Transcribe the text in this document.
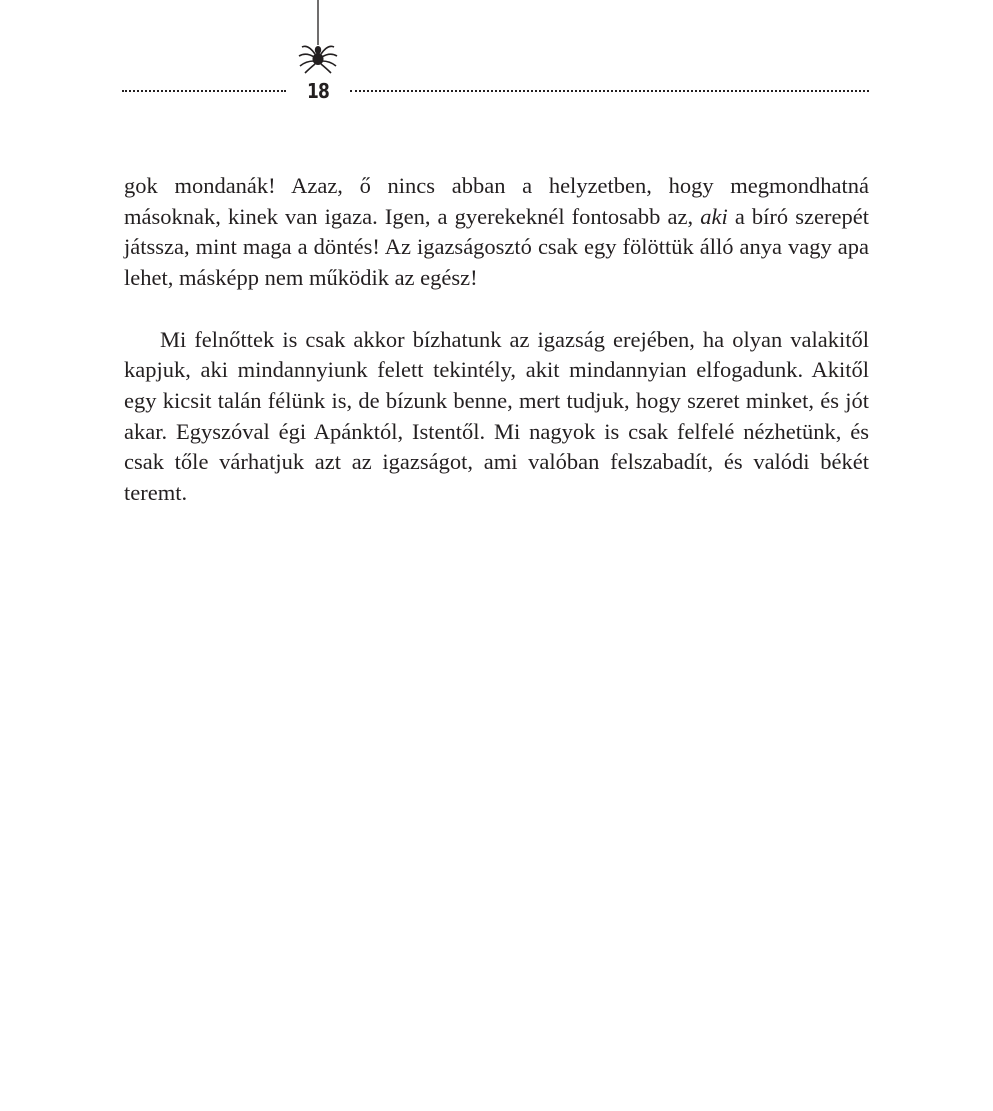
18

gok mondanák! Azaz, ő nincs abban a helyzetben, hogy megmondhatná másoknak, kinek van igaza. Igen, a gyerekeknél fontosabb az, aki a bíró szerepét játssza, mint maga a döntés! Az igazságosztó csak egy fölöttük álló anya vagy apa lehet, másképp nem működik az egész!

Mi felnőttek is csak akkor bízhatunk az igazság erejében, ha olyan valakitől kapjuk, aki mindannyiunk felett tekintély, akit mindannyian elfogadunk. Akitől egy kicsit talán félünk is, de bízunk benne, mert tudjuk, hogy szeret minket, és jót akar. Egyszóval égi Apánktól, Istentől. Mi nagyok is csak felfelé nézhetünk, és csak tőle várhatjuk azt az igazságot, ami valóban felszabadít, és valódi békét teremt.
